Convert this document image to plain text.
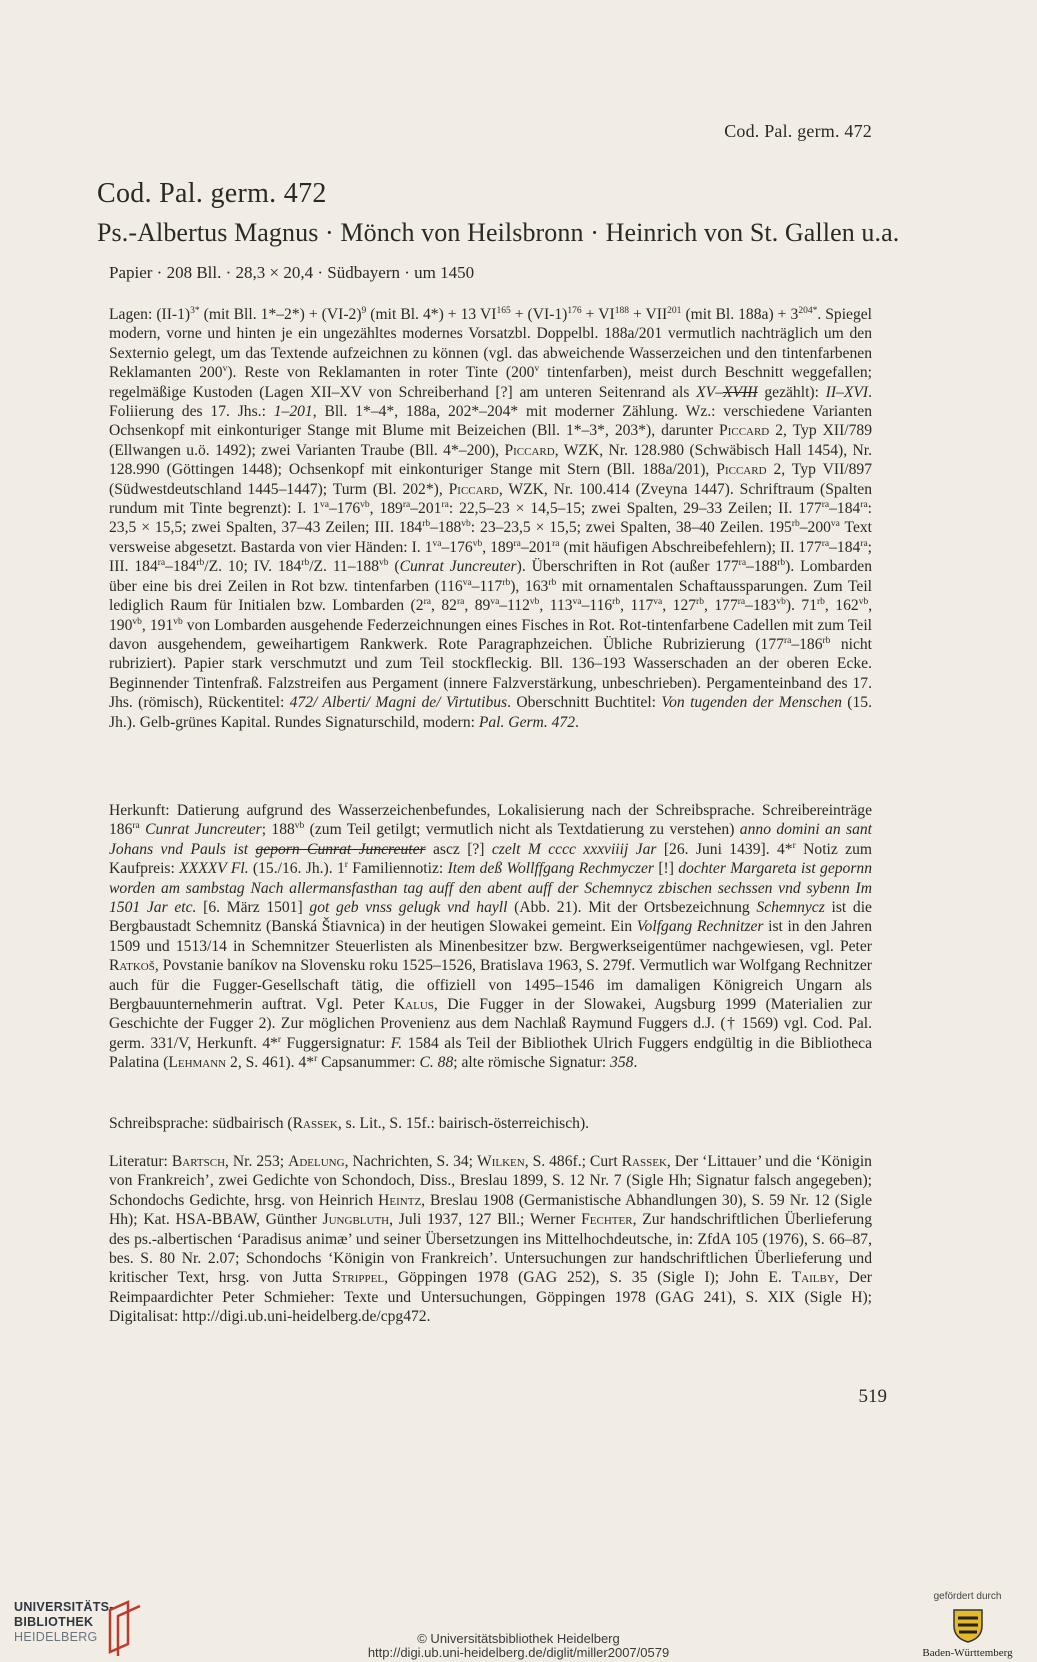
Cod. Pal. germ. 472
Cod. Pal. germ. 472
Ps.-Albertus Magnus · Mönch von Heilsbronn · Heinrich von St. Gallen u.a.
Papier · 208 Bll. · 28,3 × 20,4 · Südbayern · um 1450
Lagen: $(II-1)^{3*}$ (mit Bll. $1*-2*) + (VI-2)^9$ (mit Bl. 4*) + 13 $VI^{165} + (VI-1)^{176} + VI^{188} + VII^{201}$ (mit Bl. $188a) + 3^{204*}$. Spiegel modern, vorne und hinten je ein ungezähltes modernes Vorsatzbl. Doppelbl. 188a/201 vermutlich nachträglich um den Sexternio gelegt, um das Textende aufzeichnen zu können (vgl. das abweichende Wasserzeichen und den tintenfarbenen Reklamanten 200$^v$). Reste von Reklamanten in roter Tinte (200$^v$ tintenfarben), meist durch Beschnitt weggefallen; regelmäßige Kustoden (Lagen XII–XV von Schreiberhand [?] am unteren Seitenrand als XV–XVIII gezählt): II–XVI. Foliierung des 17. Jhs.: 1–201, Bll. 1*–4*, 188a, 202*–204* mit moderner Zählung. Wz.: verschiedene Varianten Ochsenkopf mit einkonturiger Stange mit Blume mit Beizeichen (Bll. 1*–3*, 203*), darunter Piccard 2, Typ XII/789 (Ellwangen u.ö. 1492); zwei Varianten Traube (Bll. 4*–200), Piccard, WZK, Nr. 128.980 (Schwäbisch Hall 1454), Nr. 128.990 (Göttingen 1448); Ochsenkopf mit einkonturiger Stange mit Stern (Bll. 188a/201), Piccard 2, Typ VII/897 (Südwestdeutschland 1445–1447); Turm (Bl. 202*), Piccard, WZK, Nr. 100.414 (Zveyna 1447). Schriftraum (Spalten rundum mit Tinte begrenzt): I. $1^{va}-176^{vb}$, $189^{ra}-201^{ra}$: 22,5–23 × 14,5–15; zwei Spalten, 29–33 Zeilen; II. $177^{ra}-184^{ra}$: 23,5 × 15,5; zwei Spalten, 37–43 Zeilen; III. $184^{rb}-188^{vb}$: 23–23,5 × 15,5; zwei Spalten, 38–40 Zeilen. $195^{rb}-200^{va}$ Text versweise abgesetzt. Bastarda von vier Händen: I. $1^{va}-176^{vb}$, $189^{ra}-201^{ra}$ (mit häufigen Abschreibefehlern); II. $177^{ra}-184^{ra}$; III. $184^{ra}-184^{rb}/Z$. 10; IV. $184^{rb}/Z$. $11-188^{vb}$ (Cunrat Juncreuter). Überschriften in Rot (außer $177^{ra}-188^{rb}$). Lombarden über eine bis drei Zeilen in Rot bzw. tintenfarben $(116^{va}-117^{rb})$, $163^{rb}$ mit ornamentalen Schaftaussparungen. Zum Teil lediglich Raum für Initialen bzw. Lombarden ($2^{ra}$, $82^{ra}$, $89^{va}-112^{vb}$, $113^{va}-116^{rb}$, $117^{va}$, $127^{rb}$, $177^{ra}-183^{vb}$). $71^{rb}$, $162^{vb}$, $190^{vb}$, $191^{vb}$ von Lombarden ausgehende Federzeichnungen eines Fisches in Rot. Rot-tintenfarbene Cadellen mit zum Teil davon ausgehendem, geweihartigem Rankwerk. Rote Paragraphzeichen. Übliche Rubrizierung ($177^{ra}-186^{rb}$ nicht rubriziert). Papier stark verschmutzt und zum Teil stockfleckig. Bll. 136–193 Wasserschaden an der oberen Ecke. Beginnender Tintenfraß. Falzstreifen aus Pergament (innere Falzverstärkung, unbeschrieben). Pergamenteinband des 17. Jhs. (römisch), Rückentitel: 472/ Alberti/ Magni de/ Virtutibus. Oberschnitt Buchtitel: Von tugenden der Menschen (15. Jh.). Gelb-grünes Kapital. Rundes Signaturschild, modern: Pal. Germ. 472.
Herkunft: Datierung aufgrund des Wasserzeichenbefundes, Lokalisierung nach der Schreibsprache. Schreibereinträge $186^{ra}$ Cunrat Juncreuter; $188^{vb}$ (zum Teil getilgt; vermutlich nicht als Textdatierung zu verstehen) anno domini an sant Johans vnd Pauls ist geporn Cunrat Juncreuter ascz [?] czelt M cccc xxxviiij Jar [26. Juni 1439]. 4*$^r$ Notiz zum Kaufpreis: XXXXV Fl. (15./16. Jh.). 1$^r$ Familiennotiz: Item deß Wollffgang Rechmyczer [!] dochter Margareta ist gepornn worden am sambstag Nach allermansfasthan tag auff den abent auff der Schemnycz zbischen sechssen vnd sybenn Im 1501 Jar etc. [6. März 1501] got geb vnss gelugk vnd hayll (Abb. 21). Mit der Ortsbezeichnung Schemnycz ist die Bergbaustadt Schemnitz (Banská Štiavnica) in der heutigen Slowakei gemeint. Ein Volfgang Rechnitzer ist in den Jahren 1509 und 1513/14 in Schemnitzer Steuerlisten als Minenbesitzer bzw. Bergwerkseigentümer nachgewiesen, vgl. Peter Ratkoš, Povstanie baníkov na Slovensku roku 1525–1526, Bratislava 1963, S. 279f. Vermutlich war Wolfgang Rechnitzer auch für die Fugger-Gesellschaft tätig, die offiziell von 1495–1546 im damaligen Königreich Ungarn als Bergbauunternehmerin auftrat. Vgl. Peter Kalus, Die Fugger in der Slowakei, Augsburg 1999 (Materialien zur Geschichte der Fugger 2). Zur möglichen Provenienz aus dem Nachlaß Raymund Fuggers d.J. († 1569) vgl. Cod. Pal. germ. 331/V, Herkunft. 4*$^r$ Fuggersignatur: F. 1584 als Teil der Bibliothek Ulrich Fuggers endgültig in die Bibliotheca Palatina (Lehmann 2, S. 461). 4*$^r$ Capsanummer: C. 88; alte römische Signatur: 358.
Schreibsprache: südbairisch (Rassek, s. Lit., S. 15f.: bairisch-österreichisch).
Literatur: Bartsch, Nr. 253; Adelung, Nachrichten, S. 34; Wilken, S. 486f.; Curt Rassek, Der ‘Littauer’ und die ‘Königin von Frankreich’, zwei Gedichte von Schondoch, Diss., Breslau 1899, S. 12 Nr. 7 (Sigle Hh; Signatur falsch angegeben); Schondochs Gedichte, hrsg. von Heinrich Heintz, Breslau 1908 (Germanistische Abhandlungen 30), S. 59 Nr. 12 (Sigle Hh); Kat. HSA-BBAW, Günther Jungbluth, Juli 1937, 127 Bll.; Werner Fechter, Zur handschriftlichen Überlieferung des ps.-albertischen ‘Paradisus animæ’ und seiner Übersetzungen ins Mittelhochdeutsche, in: ZfdA 105 (1976), S. 66–87, bes. S. 80 Nr. 2.07; Schondochs ‘Königin von Frankreich’. Untersuchungen zur handschriftlichen Überlieferung und kritischer Text, hrsg. von Jutta Strippel, Göppingen 1978 (GAG 252), S. 35 (Sigle I); John E. Tailby, Der Reimpaardichter Peter Schmieher: Texte und Untersuchungen, Göppingen 1978 (GAG 241), S. XIX (Sigle H); Digitalisat: http://digi.ub.uni-heidelberg.de/cpg472.
519
UNIVERSITÄTS-
BIBLIOTHEK
HEIDELBERG	© Universitätsbibliothek Heidelberg
http://digi.ub.uni-heidelberg.de/diglit/miller2007/0579
gefördert durch
Baden-Württemberg
